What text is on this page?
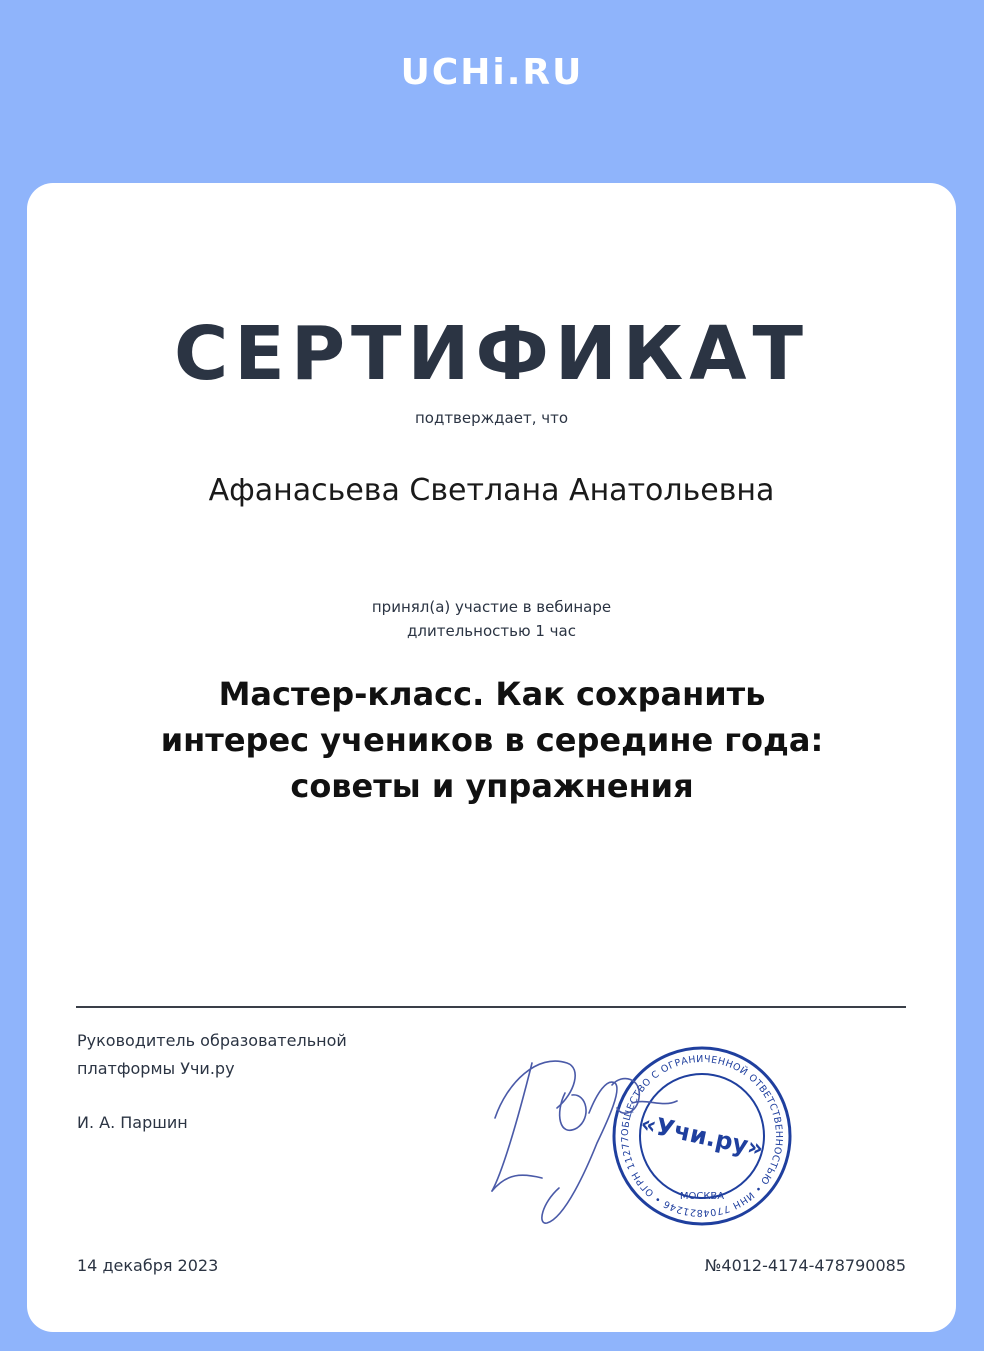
UCHi.RU
СЕРТИФИКАТ
подтверждает, что
Афанасьева Светлана Анатольевна
принял(а) участие в вебинаре
длительностью 1 час
Мастер-класс. Как сохранить интерес учеников в середине года: советы и упражнения
Руководитель образовательной
платформы Учи.ру
И. А. Паршин	ОБЩЕСТВО С ОГРАНИЧЕННОЙ ОТВЕТСТВЕННОСТЬЮ • ИНН 7704821246 • ОГРН 11277 «Учи.ру»
МОСКВА
14 декабря 2023	№4012-4174-478790085
